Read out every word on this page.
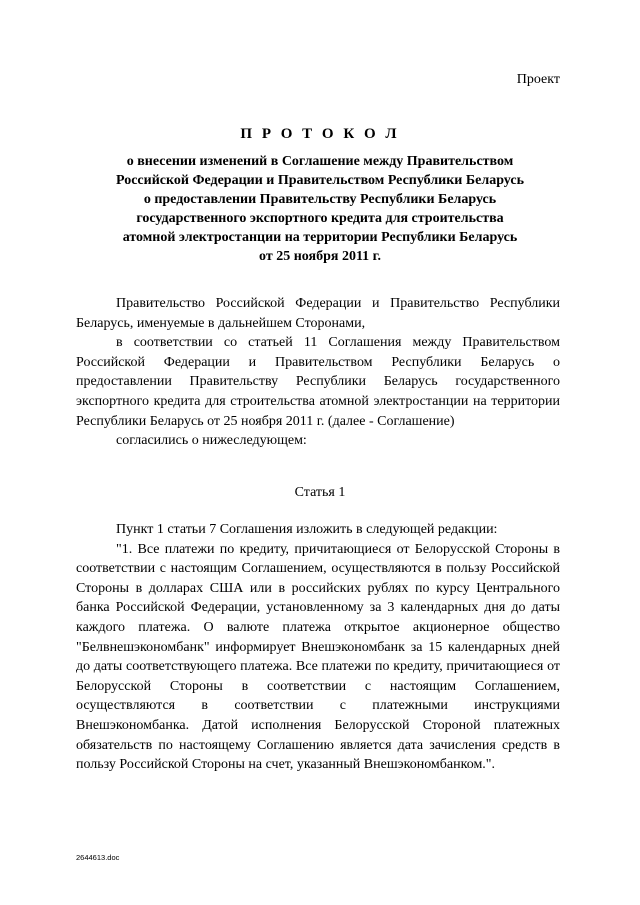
Проект
П Р О Т О К О Л
о внесении изменений в Соглашение между Правительством
Российской Федерации и Правительством Республики Беларусь
о предоставлении Правительству Республики Беларусь
государственного экспортного кредита для строительства
атомной электростанции на территории Республики Беларусь
от 25 ноября 2011 г.

Правительство Российской Федерации и Правительство Республики Беларусь, именуемые в дальнейшем Сторонами,

в соответствии со статьей 11 Соглашения между Правительством Российской Федерации и Правительством Республики Беларусь о предоставлении Правительству Республики Беларусь государственного экспортного кредита для строительства атомной электростанции на территории Республики Беларусь от 25 ноября 2011 г. (далее - Соглашение)

согласились о нижеследующем:

Статья 1

Пункт 1 статьи 7 Соглашения изложить в следующей редакции:

"1. Все платежи по кредиту, причитающиеся от Белорусской Стороны в соответствии с настоящим Соглашением, осуществляются в пользу Российской Стороны в долларах США или в российских рублях по курсу Центрального банка Российской Федерации, установленному за 3 календарных дня до даты каждого платежа. О валюте платежа открытое акционерное общество "Белвнешэкономбанк" информирует Внешэкономбанк за 15 календарных дней до даты соответствующего платежа. Все платежи по кредиту, причитающиеся от Белорусской Стороны в соответствии с настоящим Соглашением, осуществляются в соответствии с платежными инструкциями Внешэкономбанка. Датой исполнения Белорусской Стороной платежных обязательств по настоящему Соглашению является дата зачисления средств в пользу Российской Стороны на счет, указанный Внешэкономбанком.".

2644613.doc
